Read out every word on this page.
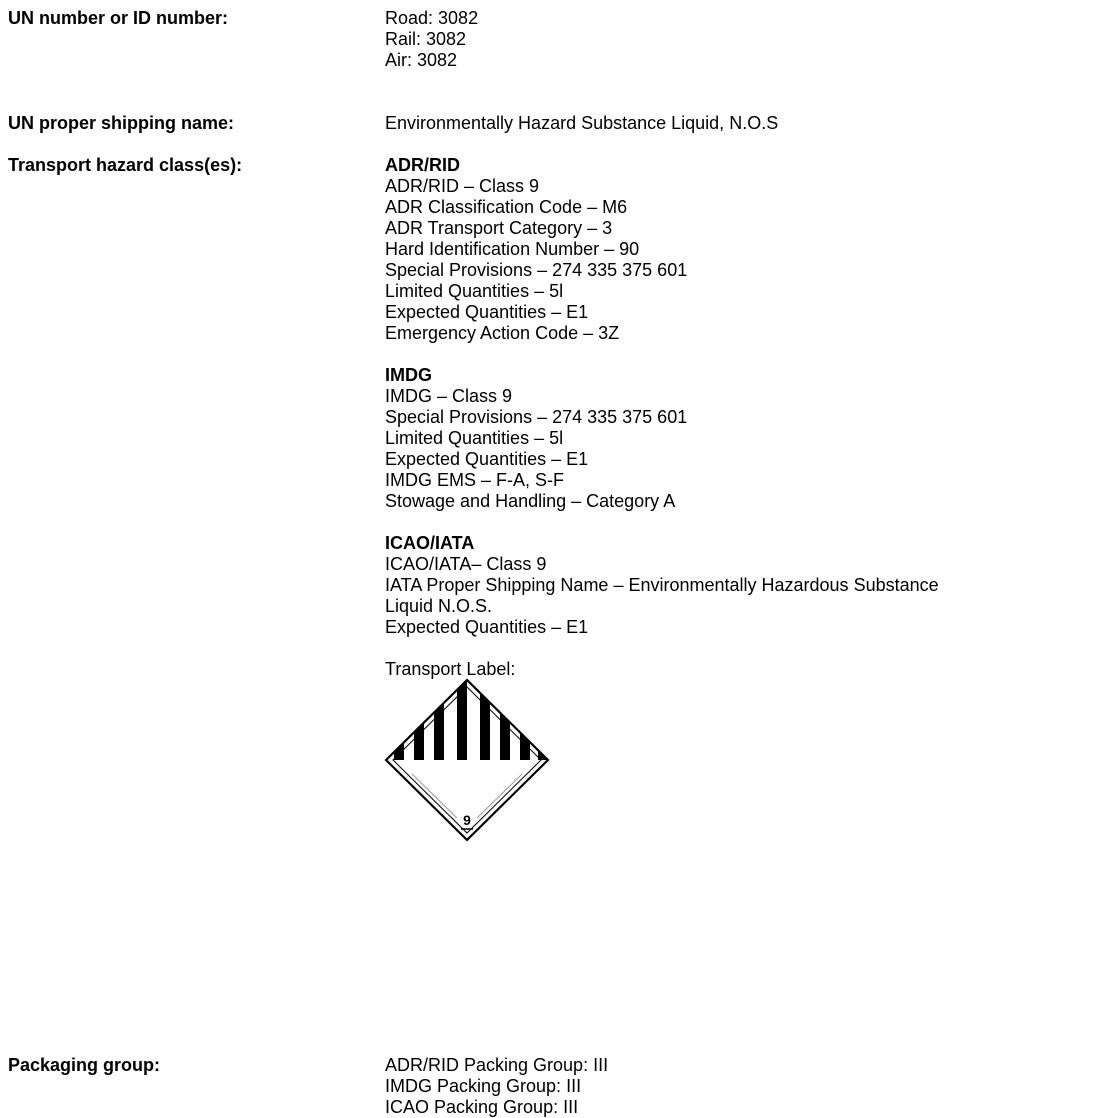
UN number or ID number:	Road: 3082
Rail: 3082
Air: 3082
UN proper shipping name:	Environmentally Hazard Substance Liquid, N.O.S
Transport hazard class(es):	ADR/RID
ADR/RID – Class 9
ADR Classification Code – M6
ADR Transport Category – 3
Hard Identification Number – 90
Special Provisions – 274 335 375 601
Limited Quantities – 5l
Expected Quantities – E1
Emergency Action Code – 3Z
IMDG
IMDG – Class 9
Special Provisions – 274 335 375 601
Limited Quantities – 5l
Expected Quantities – E1
IMDG EMS – F-A, S-F
Stowage and Handling – Category A
ICAO/IATA
ICAO/IATA– Class 9
IATA Proper Shipping Name – Environmentally Hazardous Substance
Liquid N.O.S.
Expected Quantities – E1
Transport Label:
9
Packaging group:	ADR/RID Packing Group: III
IMDG Packing Group: III
ICAO Packing Group: III
